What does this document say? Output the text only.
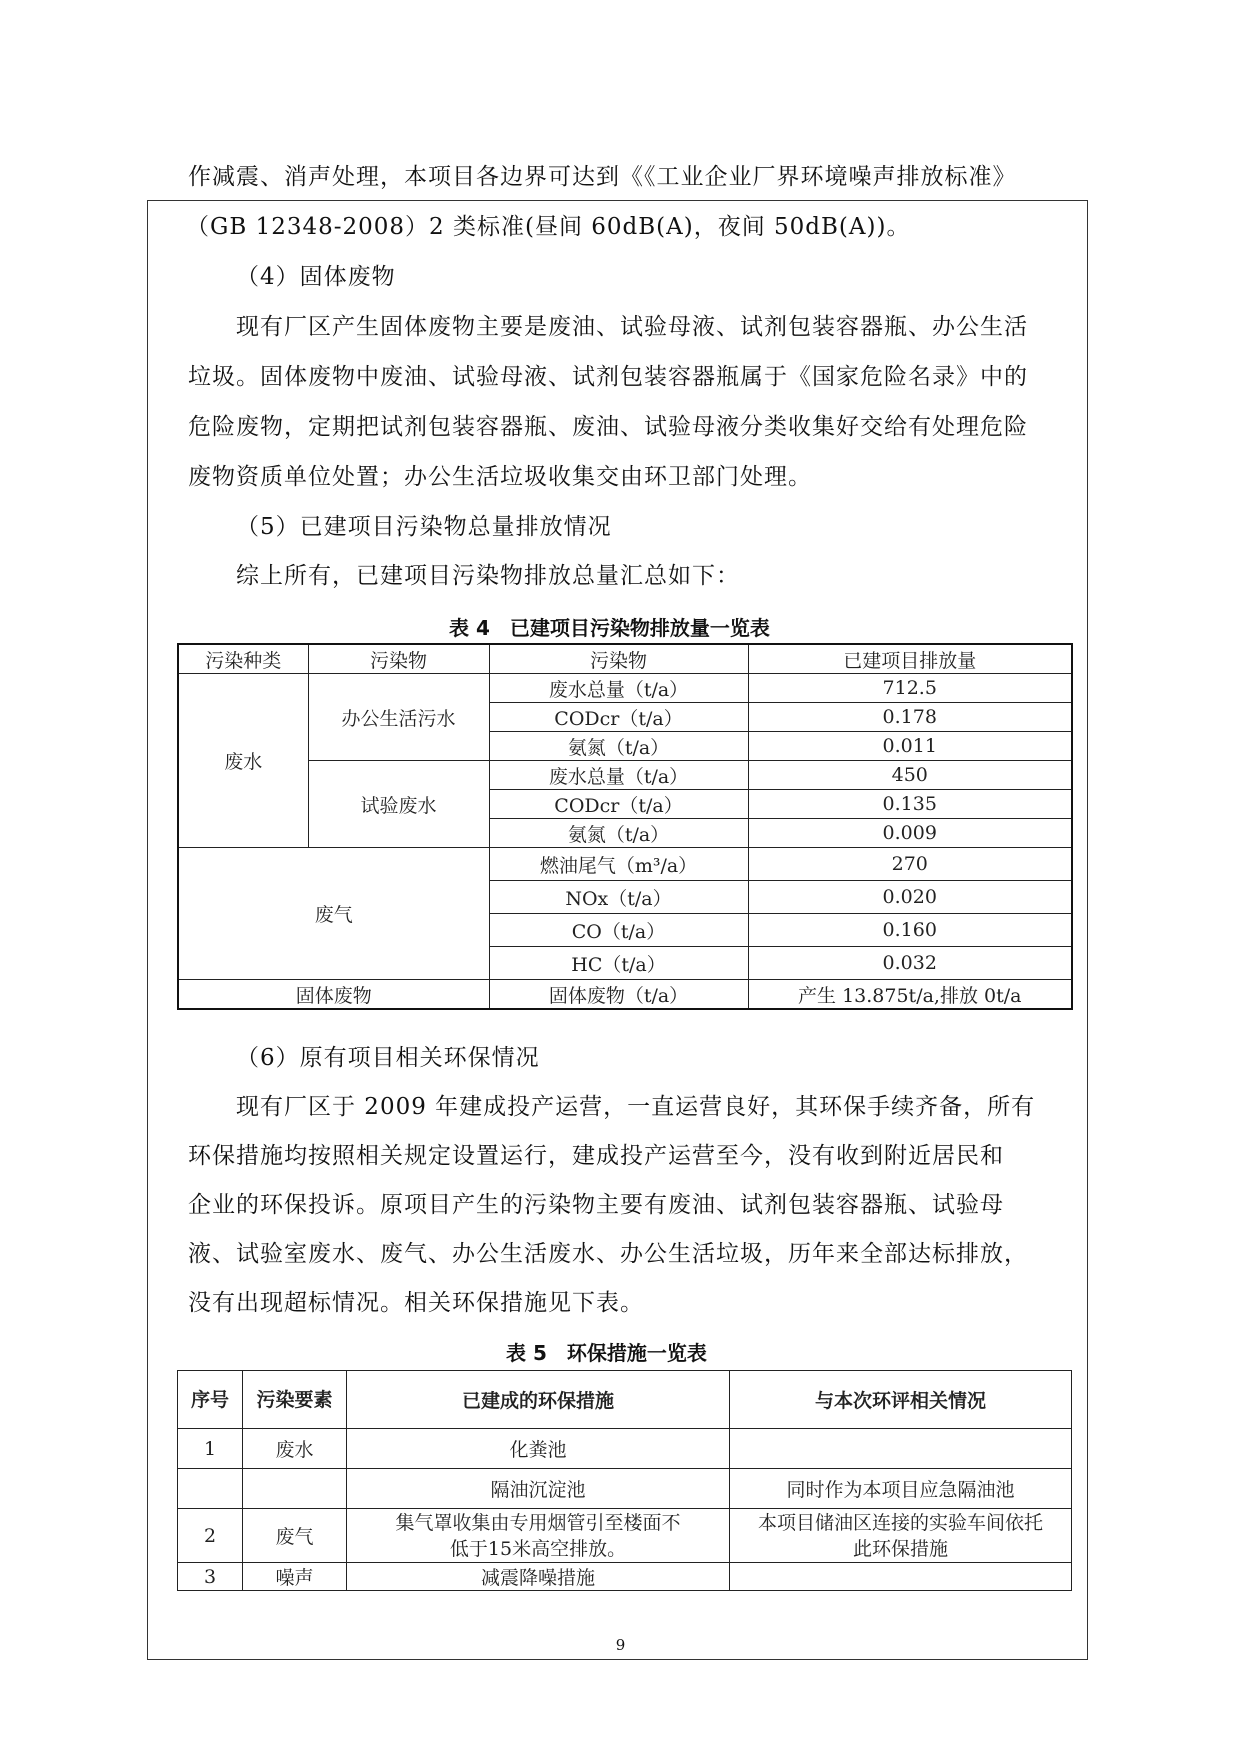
作减震、消声处理，本项目各边界可达到《《工业企业厂界环境噪声排放标准》
（GB 12348-2008）2 类标准(昼间 60dB(A)，夜间 50dB(A))。
（4）固体废物
现有厂区产生固体废物主要是废油、试验母液、试剂包装容器瓶、办公生活
垃圾。固体废物中废油、试验母液、试剂包装容器瓶属于《国家危险名录》中的
危险废物，定期把试剂包装容器瓶、废油、试验母液分类收集好交给有处理危险
废物资质单位处置；办公生活垃圾收集交由环卫部门处理。
（5）已建项目污染物总量排放情况
综上所有，已建项目污染物排放总量汇总如下：
表 4　已建项目污染物排放量一览表
污染种类	污染物	污染物	已建项目排放量
废水	办公生活污水	废水总量（t/a）	712.5
		CODcr（t/a）	0.178
		氨氮（t/a）	0.011
	试验废水	废水总量（t/a）	450
		CODcr（t/a）	0.135
		氨氮（t/a）	0.009
废气		燃油尾气（m³/a）	270
		NOx（t/a）	0.020
		CO（t/a）	0.160
		HC（t/a）	0.032
固体废物		固体废物（t/a）	产生 13.875t/a,排放 0t/a
（6）原有项目相关环保情况
现有厂区于 2009 年建成投产运营，一直运营良好，其环保手续齐备，所有
环保措施均按照相关规定设置运行，建成投产运营至今，没有收到附近居民和
企业的环保投诉。原项目产生的污染物主要有废油、试剂包装容器瓶、试验母
液、试验室废水、废气、办公生活废水、办公生活垃圾，历年来全部达标排放，
没有出现超标情况。相关环保措施见下表。
表 5　环保措施一览表
序号	污染要素	已建成的环保措施	与本次环评相关情况
1	废水	化粪池	
		隔油沉淀池	同时作为本项目应急隔油池
2	废气	集气罩收集由专用烟管引至楼面不低于15米高空排放。	本项目储油区连接的实验车间依托此环保措施

3	噪声	减震降噪措施	
9
